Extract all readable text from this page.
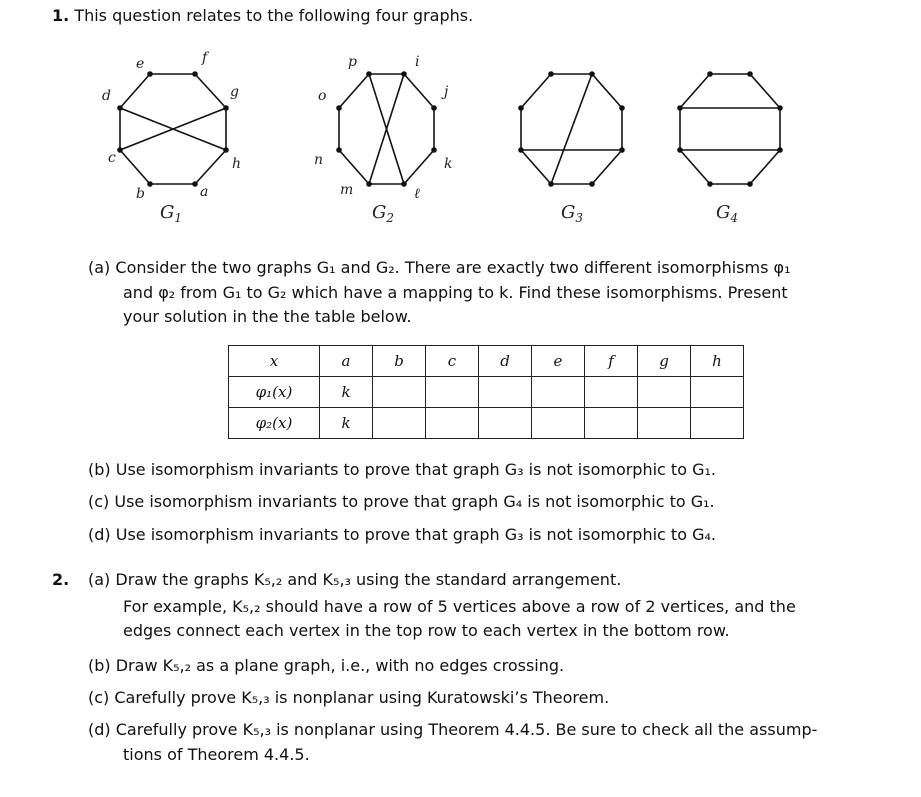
1. This question relates to the following four graphs.
e	f
d	g
c	h
b	a
p	i
o	j
n	k
m	ℓ
$G_1$	$G_2$	$G_3$	$G_4$
(a) Consider the two graphs G₁ and G₂. There are exactly two different isomorphisms φ₁
and φ₂ from G₁ to G₂ which have a mapping to k. Find these isomorphisms. Present
your solution in the the table below.
x	a	b	c	d	e	f	g	h
φ₁(x)	k							
φ₂(x)	k							
(b) Use isomorphism invariants to prove that graph G₃ is not isomorphic to G₁.
(c) Use isomorphism invariants to prove that graph G₄ is not isomorphic to G₁.
(d) Use isomorphism invariants to prove that graph G₃ is not isomorphic to G₄.
2. (a) Draw the graphs K₅,₂ and K₅,₃ using the standard arrangement.
For example, K₅,₂ should have a row of 5 vertices above a row of 2 vertices, and the
edges connect each vertex in the top row to each vertex in the bottom row.
(b) Draw K₅,₂ as a plane graph, i.e., with no edges crossing.
(c) Carefully prove K₅,₃ is nonplanar using Kuratowski’s Theorem.
(d) Carefully prove K₅,₃ is nonplanar using Theorem 4.4.5. Be sure to check all the assump-
tions of Theorem 4.4.5.
